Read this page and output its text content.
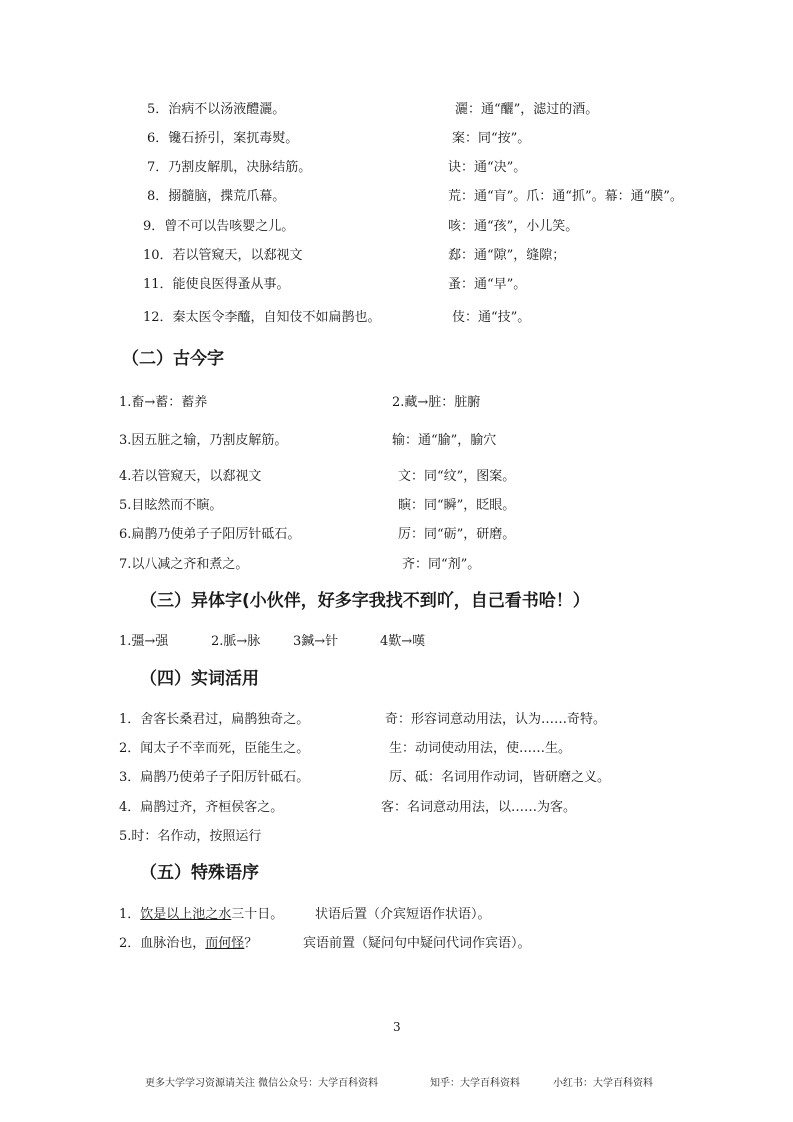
5．治病不以汤液醴灑。	灑：通“釃”，滤过的酒。
6．镵石挢引，案扤毒熨。	案：同“按”。
7．乃割皮解肌，决脉结筋。	诀：通“决”。
8．搦髓脑，揲荒爪幕。	荒：通“肓”。爪：通“抓”。幕：通“膜”。
9．曾不可以告咳婴之儿。	咳：通“孩”，小儿笑。
10．若以管窥天，以郄视文	郄：通“隙”，缝隙；
11．能使良医得蚤从事。	蚤：通“早”。
12．秦太医令李醯，自知伎不如扁鹊也。	伎：通“技”。
（二）古今字
1.畜→蓄：蓄养	2.藏→脏：脏腑
3.因五脏之输，乃割皮解筋。	输：通“腧”，腧穴
4.若以管窥天，以郄视文	文：同“纹”，图案。
5.目眩然而不瞚。	瞚：同“瞬”，眨眼。
6.扁鹊乃使弟子子阳厉针砥石。	厉：同“砺”，研磨。
7.以八减之齐和煮之。	齐：同“剂”。
（三）异体字(小伙伴，好多字我找不到吖，自己看书哈！）
1.彊→强	2.脈→脉	3鍼→针	4歎→嘆
（四）实词活用
1．舍客长桑君过，扁鹊独奇之。	奇：形容词意动用法，认为……奇特。
2．闻太子不幸而死，臣能生之。	生：动词使动用法，使……生。
3．扁鹊乃使弟子子阳厉针砥石。	厉、砥：名词用作动词，皆研磨之义。
4．扁鹊过齐，齐桓侯客之。	客：名词意动用法，以……为客。
5.时：名作动，按照运行
（五）特殊语序
1．饮是以上池之水三十日。 状语后置（介宾短语作状语）。
2．血脉治也，而何怪？	宾语前置（疑问句中疑问代词作宾语）。
3
更多大学学习资源请关注 微信公众号：大学百科资料	知乎：大学百科资料	小红书：大学百科资料
